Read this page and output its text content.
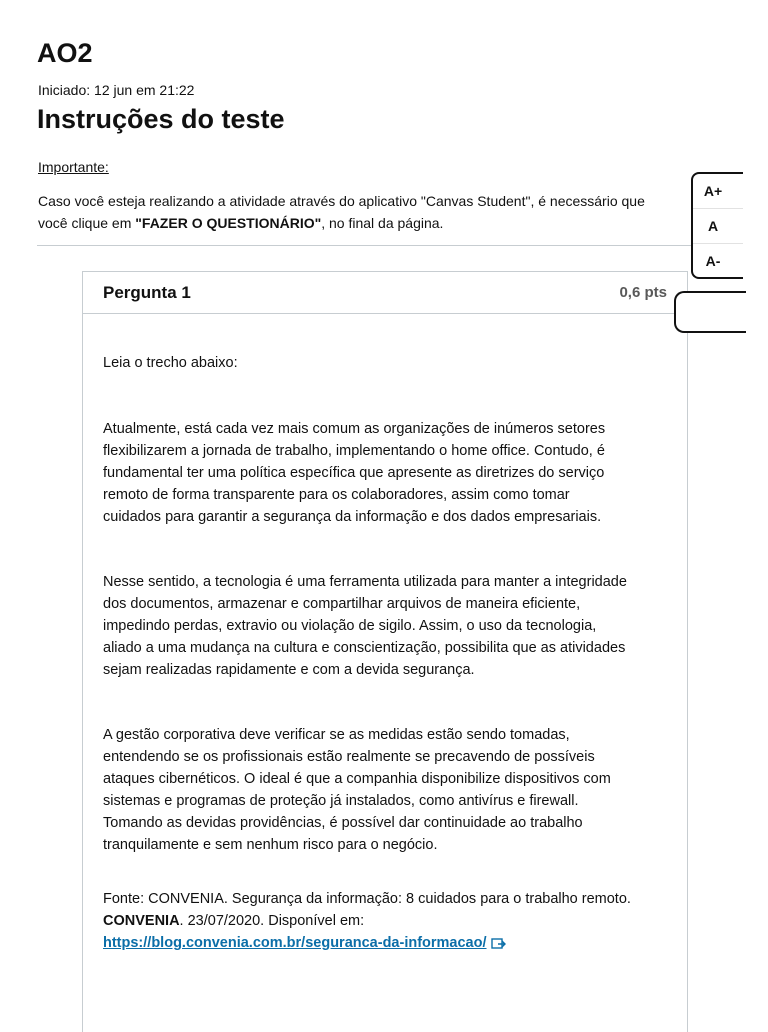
AO2
Iniciado: 12 jun em 21:22
Instruções do teste
Importante:
Caso você esteja realizando a atividade através do aplicativo "Canvas Student", é necessário que
você clique em "FAZER O QUESTIONÁRIO", no final da página.
Pergunta 1	0,6 pts

Leia o trecho abaixo:

Atualmente, está cada vez mais comum as organizações de inúmeros setores
flexibilizarem a jornada de trabalho, implementando o home office. Contudo, é
fundamental ter uma política específica que apresente as diretrizes do serviço
remoto de forma transparente para os colaboradores, assim como tomar
cuidados para garantir a segurança da informação e dos dados empresariais.

Nesse sentido, a tecnologia é uma ferramenta utilizada para manter a integridade
dos documentos, armazenar e compartilhar arquivos de maneira eficiente,
impedindo perdas, extravio ou violação de sigilo. Assim, o uso da tecnologia,
aliado a uma mudança na cultura e conscientização, possibilita que as atividades
sejam realizadas rapidamente e com a devida segurança.

A gestão corporativa deve verificar se as medidas estão sendo tomadas,
entendendo se os profissionais estão realmente se precavendo de possíveis
ataques cibernéticos. O ideal é que a companhia disponibilize dispositivos com
sistemas e programas de proteção já instalados, como antivírus e firewall.
Tomando as devidas providências, é possível dar continuidade ao trabalho
tranquilamente e sem nenhum risco para o negócio.

Fonte: CONVENIA. Segurança da informação: 8 cuidados para o trabalho remoto.
CONVENIA. 23/07/2020. Disponível em:
https://blog.convenia.com.br/seguranca-da-informacao/

A+
A
A-
